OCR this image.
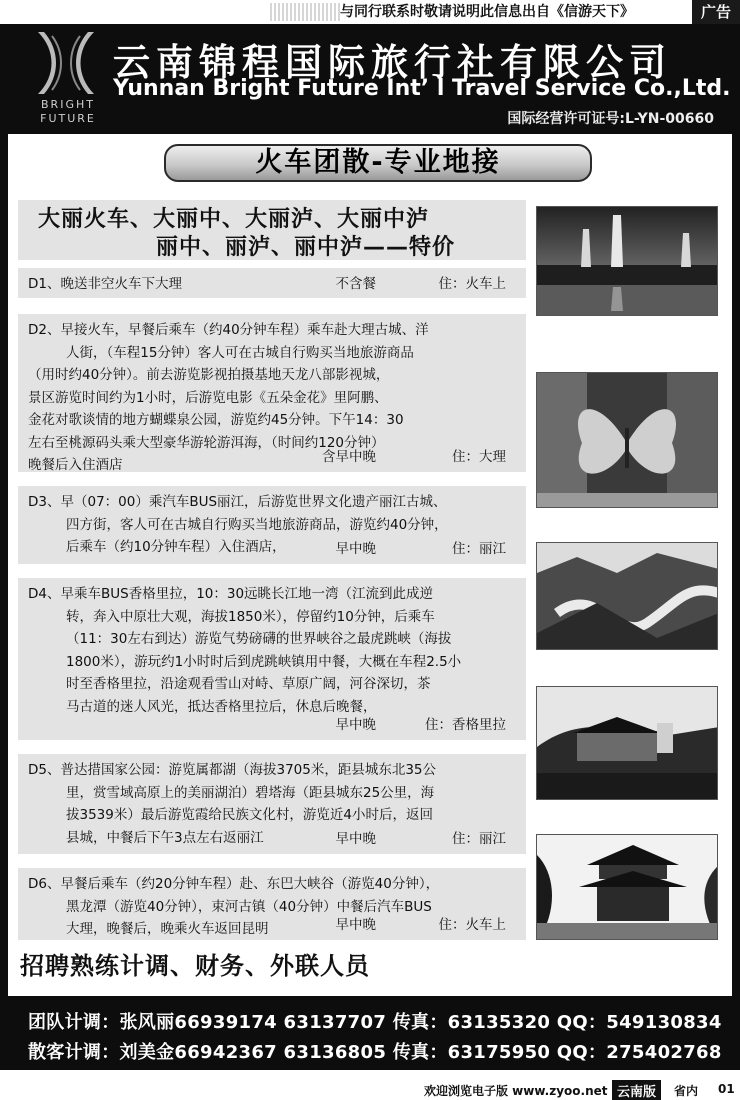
与同行联系时敬请说明此信息出自《信游天下》	广告
BRIGHT FUTURE
云南锦程国际旅行社有限公司
Yunnan Bright Future Int’ l Travel Service Co.,Ltd.
国际经营许可证号:L-YN-00660
火车团散-专业地接
大丽火车、大丽中、大丽泸、大丽中泸
丽中、丽泸、丽中泸——特价
D1、晚送非空火车下大理	不含餐	住：火车上
D2、早接火车，早餐后乘车（约40分钟车程）乘车赴大理古城、洋
人街，（车程15分钟）客人可在古城自行购买当地旅游商品
（用时约40分钟）。前去游览影视拍摄基地天龙八部影视城，
景区游览时间约为1小时，后游览电影《五朵金花》里阿鹏、
金花对歌谈情的地方蝴蝶泉公园，游览约45分钟。下午14：30
左右至桃源码头乘大型豪华游轮游洱海，（时间约120分钟）
晚餐后入住酒店
含早中晚	住：大理
D3、早（07：00）乘汽车BUS丽江，后游览世界文化遗产丽江古城、
四方街，客人可在古城自行购买当地旅游商品，游览约40分钟，
后乘车（约10分钟车程）入住酒店，	早中晚	住：丽江
D4、早乘车BUS香格里拉，10：30远眺长江地一湾（江流到此成逆
转，奔入中原壮大观，海拔1850米），停留约10分钟，后乘车
（11：30左右到达）游览气势磅礴的世界峡谷之最虎跳峡（海拔
1800米），游玩约1小时时后到虎跳峡镇用中餐，大概在车程2.5小
时至香格里拉，沿途观看雪山对峙、草原广阔，河谷深切，茶
马古道的迷人风光，抵达香格里拉后，休息后晚餐，
早中晚	住：香格里拉
D5、普达措国家公园：游览属都湖（海拔3705米，距县城东北35公
里，赏雪域高原上的美丽湖泊）碧塔海（距县城东25公里，海
拔3539米）最后游览霞给民族文化村，游览近4小时后，返回
县城，中餐后下午3点左右返丽江	早中晚	住：丽江
D6、早餐后乘车（约20分钟车程）赴、东巴大峡谷（游览40分钟），
黑龙潭（游览40分钟），束河古镇（40分钟）中餐后汽车BUS
大理，晚餐后，晚乘火车返回昆明	早中晚	住：火车上
招聘熟练计调、财务、外联人员
团队计调：张风丽66939174 63137707 传真：63135320 QQ：549130834
散客计调：刘美金66942367 63136805 传真：63175950 QQ：275402768
欢迎浏览电子版 www.zyoo.net 云南版	省内 01
